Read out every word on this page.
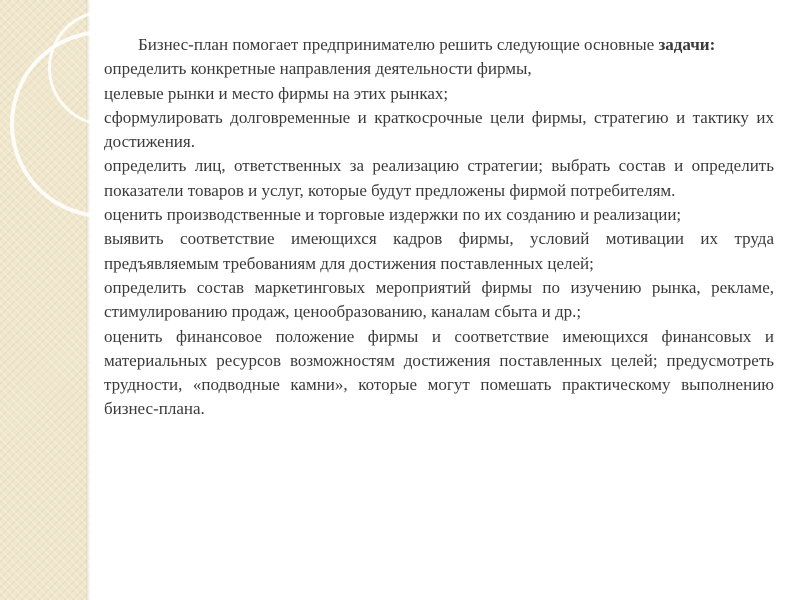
Бизнес-план помогает предпринимателю решить следующие основные задачи:

определить конкретные направления деятельности фирмы,
целевые рынки и место фирмы на этих рынках;
сформулировать долговременные и краткосрочные цели фирмы, стратегию и тактику их достижения.
определить лиц, ответственных за реализацию стратегии; выбрать состав и определить показатели товаров и услуг, которые будут предложены фирмой потребителям.
оценить производственные и торговые издержки по их созданию и реализации;
выявить соответствие имеющихся кадров фирмы, условий мотивации их труда предъявляемым требованиям для достижения поставленных целей;
определить состав маркетинговых мероприятий фирмы по изучению рынка, рекламе, стимулированию продаж, ценообразованию, каналам сбыта и др.;
оценить финансовое положение фирмы и соответствие имеющихся финансовых и материальных ресурсов возможностям достижения поставленных целей; предусмотреть трудности, «подводные камни», которые могут помешать практическому выполнению бизнес-плана.
